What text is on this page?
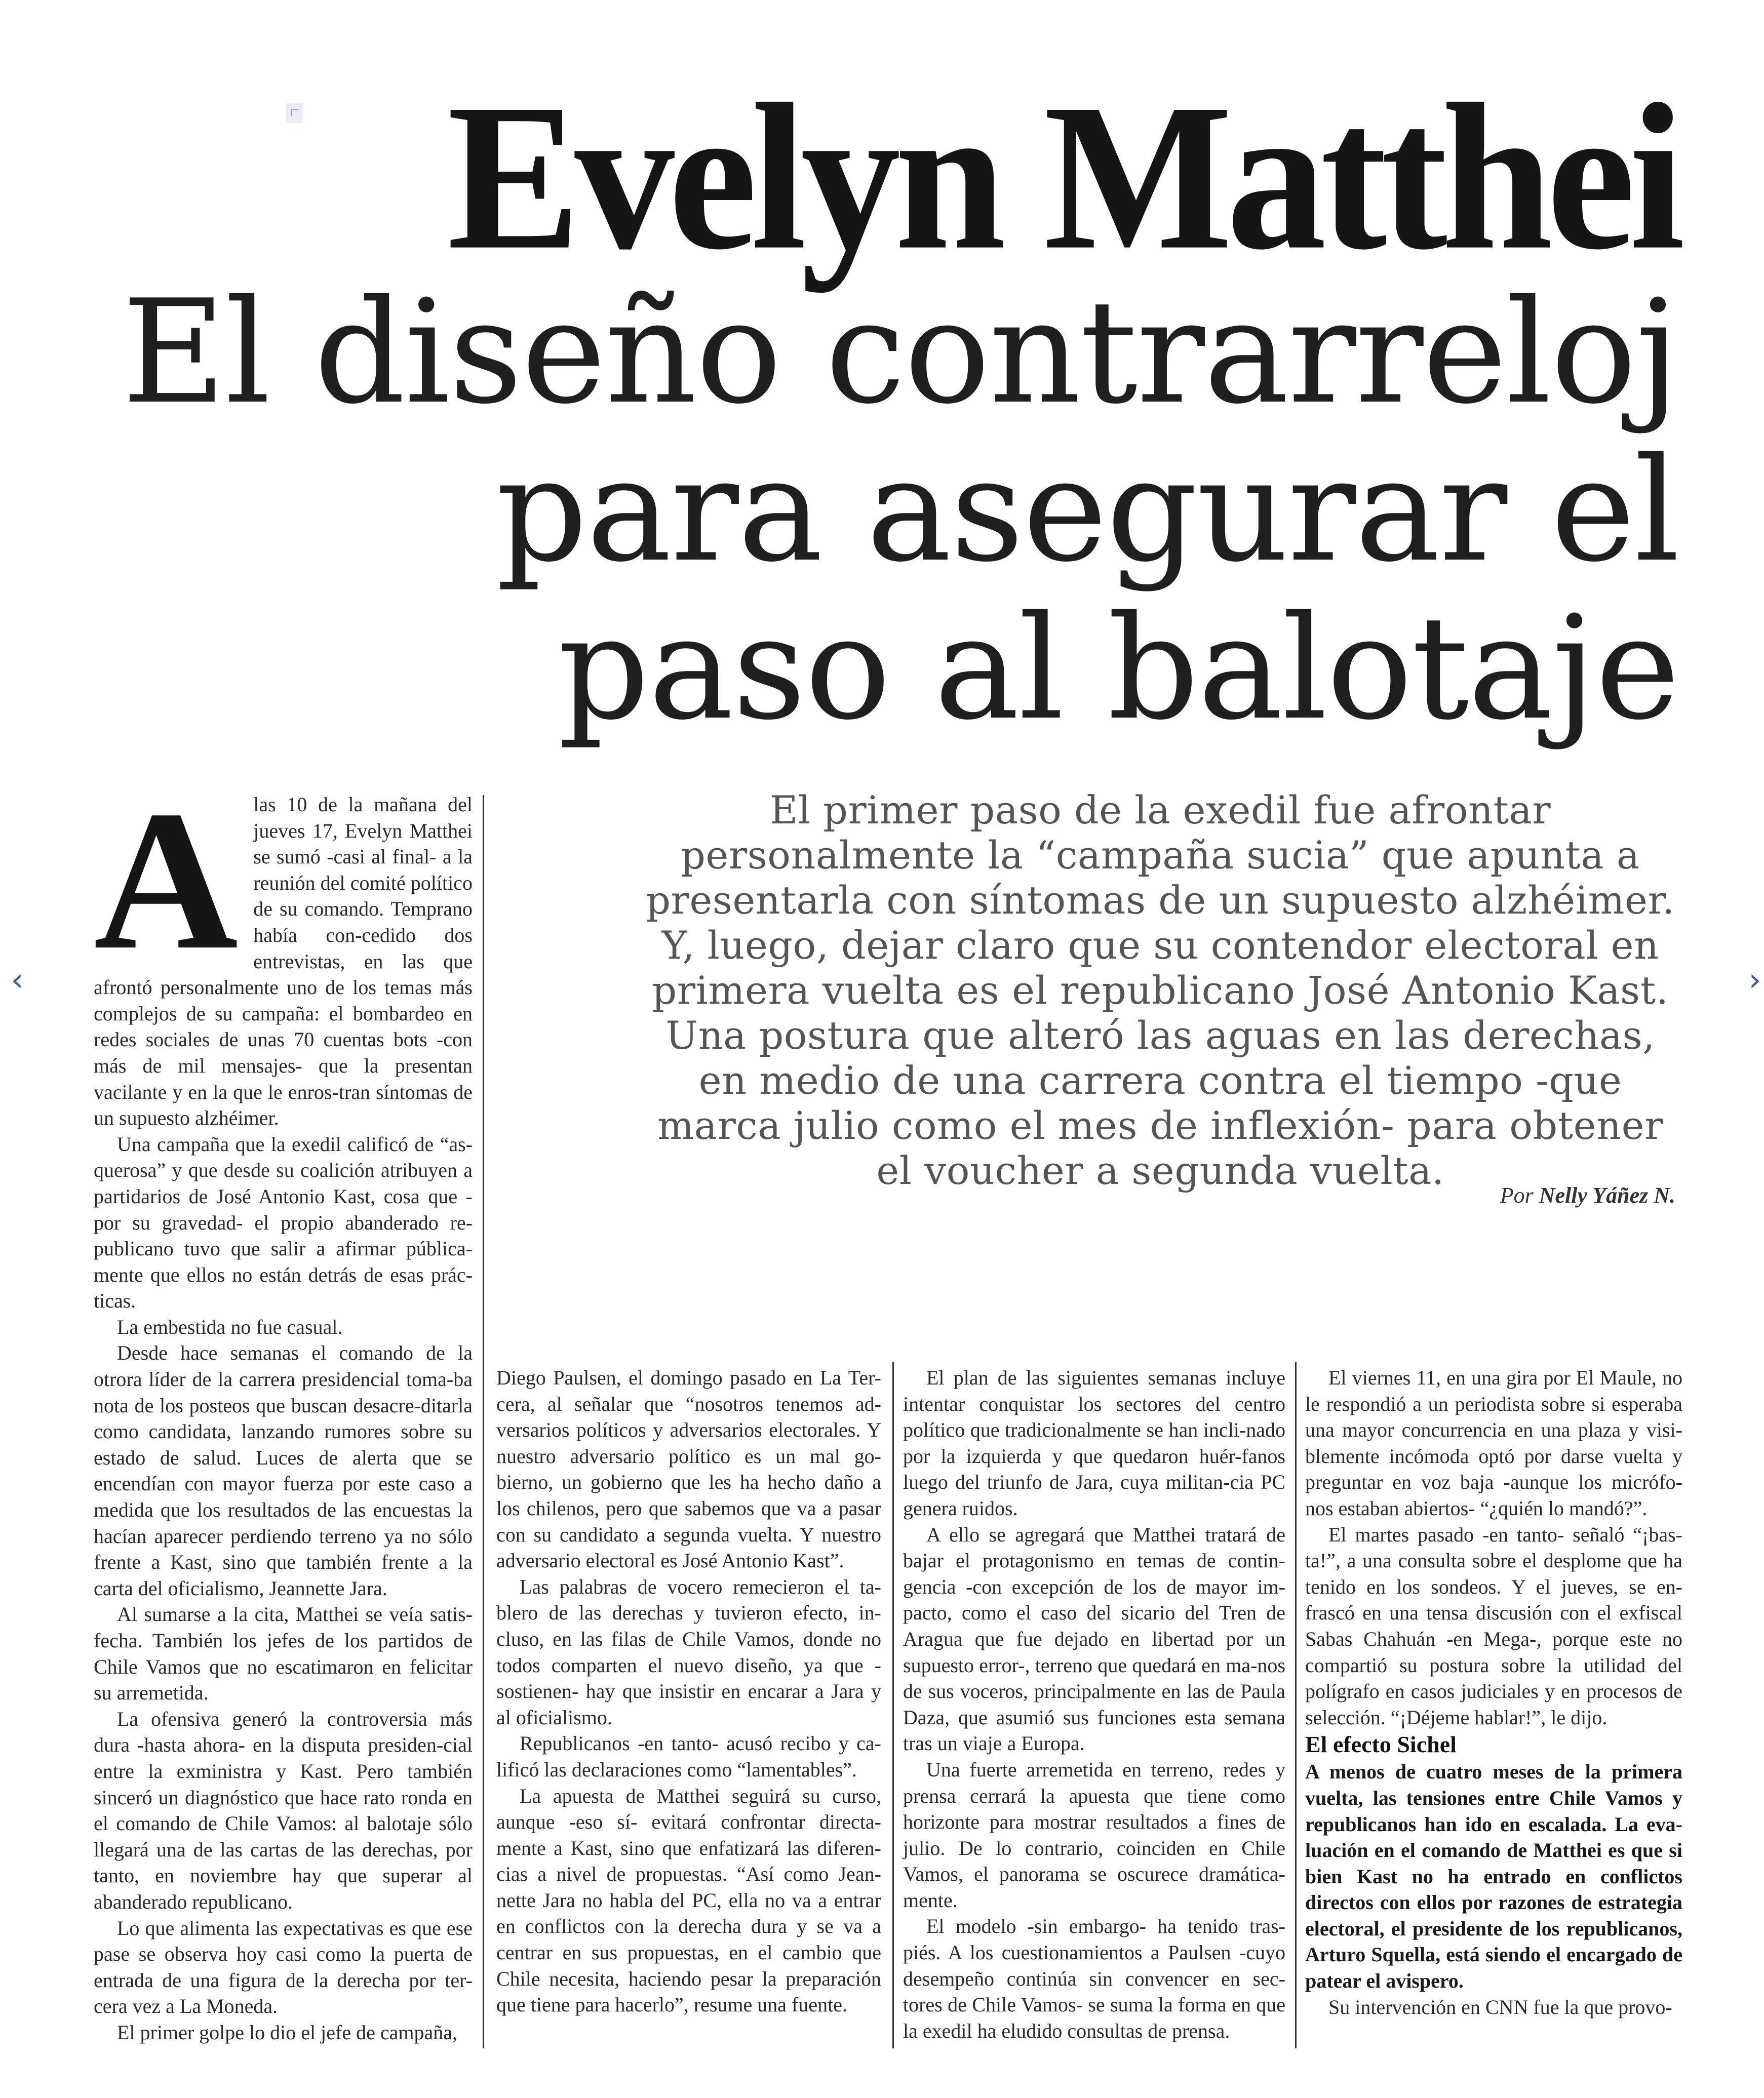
‹	›
Evelyn Matthei
El diseño contrarreloj
para asegurar el
paso al balotaje
El primer paso de la exedil fue afrontar personalmente la “campaña sucia” que apunta a presentarla con síntomas de un supuesto alzhéimer. Y, luego, dejar claro que su contendor electoral en primera vuelta es el republicano José Antonio Kast. Una postura que alteró las aguas en las derechas, en medio de una carrera contra el tiempo -que marca julio como el mes de inflexión- para obtener el voucher a segunda vuelta.
Por Nelly Yáñez N.
A las 10 de la mañana del jueves 17, Evelyn Matthei se sumó -casi al final- a la reunión del comité político de su comando. Temprano había con-cedido dos entrevistas, en las que afrontó personalmente uno de los temas más complejos de su campaña: el bombardeo en redes sociales de unas 70 cuentas bots -con más de mil mensajes- que la presentan vacilante y en la que le enros-tran síntomas de un supuesto alzhéimer.

Una campaña que la exedil calificó de “as-querosa” y que desde su coalición atribuyen a partidarios de José Antonio Kast, cosa que -por su gravedad- el propio abanderado re-publicano tuvo que salir a afirmar pública-mente que ellos no están detrás de esas prác-ticas.

La embestida no fue casual.

Desde hace semanas el comando de la otrora líder de la carrera presidencial toma-ba nota de los posteos que buscan desacre-ditarla como candidata, lanzando rumores sobre su estado de salud. Luces de alerta que se encendían con mayor fuerza por este caso a medida que los resultados de las encuestas la hacían aparecer perdiendo terreno ya no sólo frente a Kast, sino que también frente a la carta del oficialismo, Jeannette Jara.

Al sumarse a la cita, Matthei se veía satis-fecha. También los jefes de los partidos de Chile Vamos que no escatimaron en felicitar su arremetida.

La ofensiva generó la controversia más dura -hasta ahora- en la disputa presiden-cial entre la exministra y Kast. Pero también sinceró un diagnóstico que hace rato ronda en el comando de Chile Vamos: al balotaje sólo llegará una de las cartas de las derechas, por tanto, en noviembre hay que superar al abanderado republicano.

Lo que alimenta las expectativas es que ese pase se observa hoy casi como la puerta de entrada de una figura de la derecha por ter-cera vez a La Moneda.

El primer golpe lo dio el jefe de campaña,

Diego Paulsen, el domingo pasado en La Ter-cera, al señalar que “nosotros tenemos ad-versarios políticos y adversarios electorales. Y nuestro adversario político es un mal go-bierno, un gobierno que les ha hecho daño a los chilenos, pero que sabemos que va a pasar con su candidato a segunda vuelta. Y nuestro adversario electoral es José Antonio Kast”.

Las palabras de vocero remecieron el ta-blero de las derechas y tuvieron efecto, in-cluso, en las filas de Chile Vamos, donde no todos comparten el nuevo diseño, ya que -sostienen- hay que insistir en encarar a Jara y al oficialismo.

Republicanos -en tanto- acusó recibo y ca-lificó las declaraciones como “lamentables”.

La apuesta de Matthei seguirá su curso, aunque -eso sí- evitará confrontar directa-mente a Kast, sino que enfatizará las diferen-cias a nivel de propuestas. “Así como Jean-nette Jara no habla del PC, ella no va a entrar en conflictos con la derecha dura y se va a centrar en sus propuestas, en el cambio que Chile necesita, haciendo pesar la preparación que tiene para hacerlo”, resume una fuente.

El plan de las siguientes semanas incluye intentar conquistar los sectores del centro político que tradicionalmente se han incli-nado por la izquierda y que quedaron huér-fanos luego del triunfo de Jara, cuya militan-cia PC genera ruidos.

A ello se agregará que Matthei tratará de bajar el protagonismo en temas de contin-gencia -con excepción de los de mayor im-pacto, como el caso del sicario del Tren de Aragua que fue dejado en libertad por un supuesto error-, terreno que quedará en ma-nos de sus voceros, principalmente en las de Paula Daza, que asumió sus funciones esta semana tras un viaje a Europa.

Una fuerte arremetida en terreno, redes y prensa cerrará la apuesta que tiene como horizonte para mostrar resultados a fines de julio. De lo contrario, coinciden en Chile Vamos, el panorama se oscurece dramática-mente.

El modelo -sin embargo- ha tenido tras-piés. A los cuestionamientos a Paulsen -cuyo desempeño continúa sin convencer en sec-tores de Chile Vamos- se suma la forma en que la exedil ha eludido consultas de prensa.

El viernes 11, en una gira por El Maule, no le respondió a un periodista sobre si esperaba una mayor concurrencia en una plaza y visi-blemente incómoda optó por darse vuelta y preguntar en voz baja -aunque los micrófo-nos estaban abiertos- “¿quién lo mandó?”.

El martes pasado -en tanto- señaló “¡bas-ta!”, a una consulta sobre el desplome que ha tenido en los sondeos. Y el jueves, se en-frascó en una tensa discusión con el exfiscal Sabas Chahuán -en Mega-, porque este no compartió su postura sobre la utilidad del polígrafo en casos judiciales y en procesos de selección. “¡Déjeme hablar!”, le dijo.

El efecto Sichel

A menos de cuatro meses de la primera vuelta, las tensiones entre Chile Vamos y republicanos han ido en escalada. La eva-luación en el comando de Matthei es que si bien Kast no ha entrado en conflictos directos con ellos por razones de estrategia electoral, el presidente de los republicanos, Arturo Squella, está siendo el encargado de patear el avispero.

Su intervención en CNN fue la que provo-
